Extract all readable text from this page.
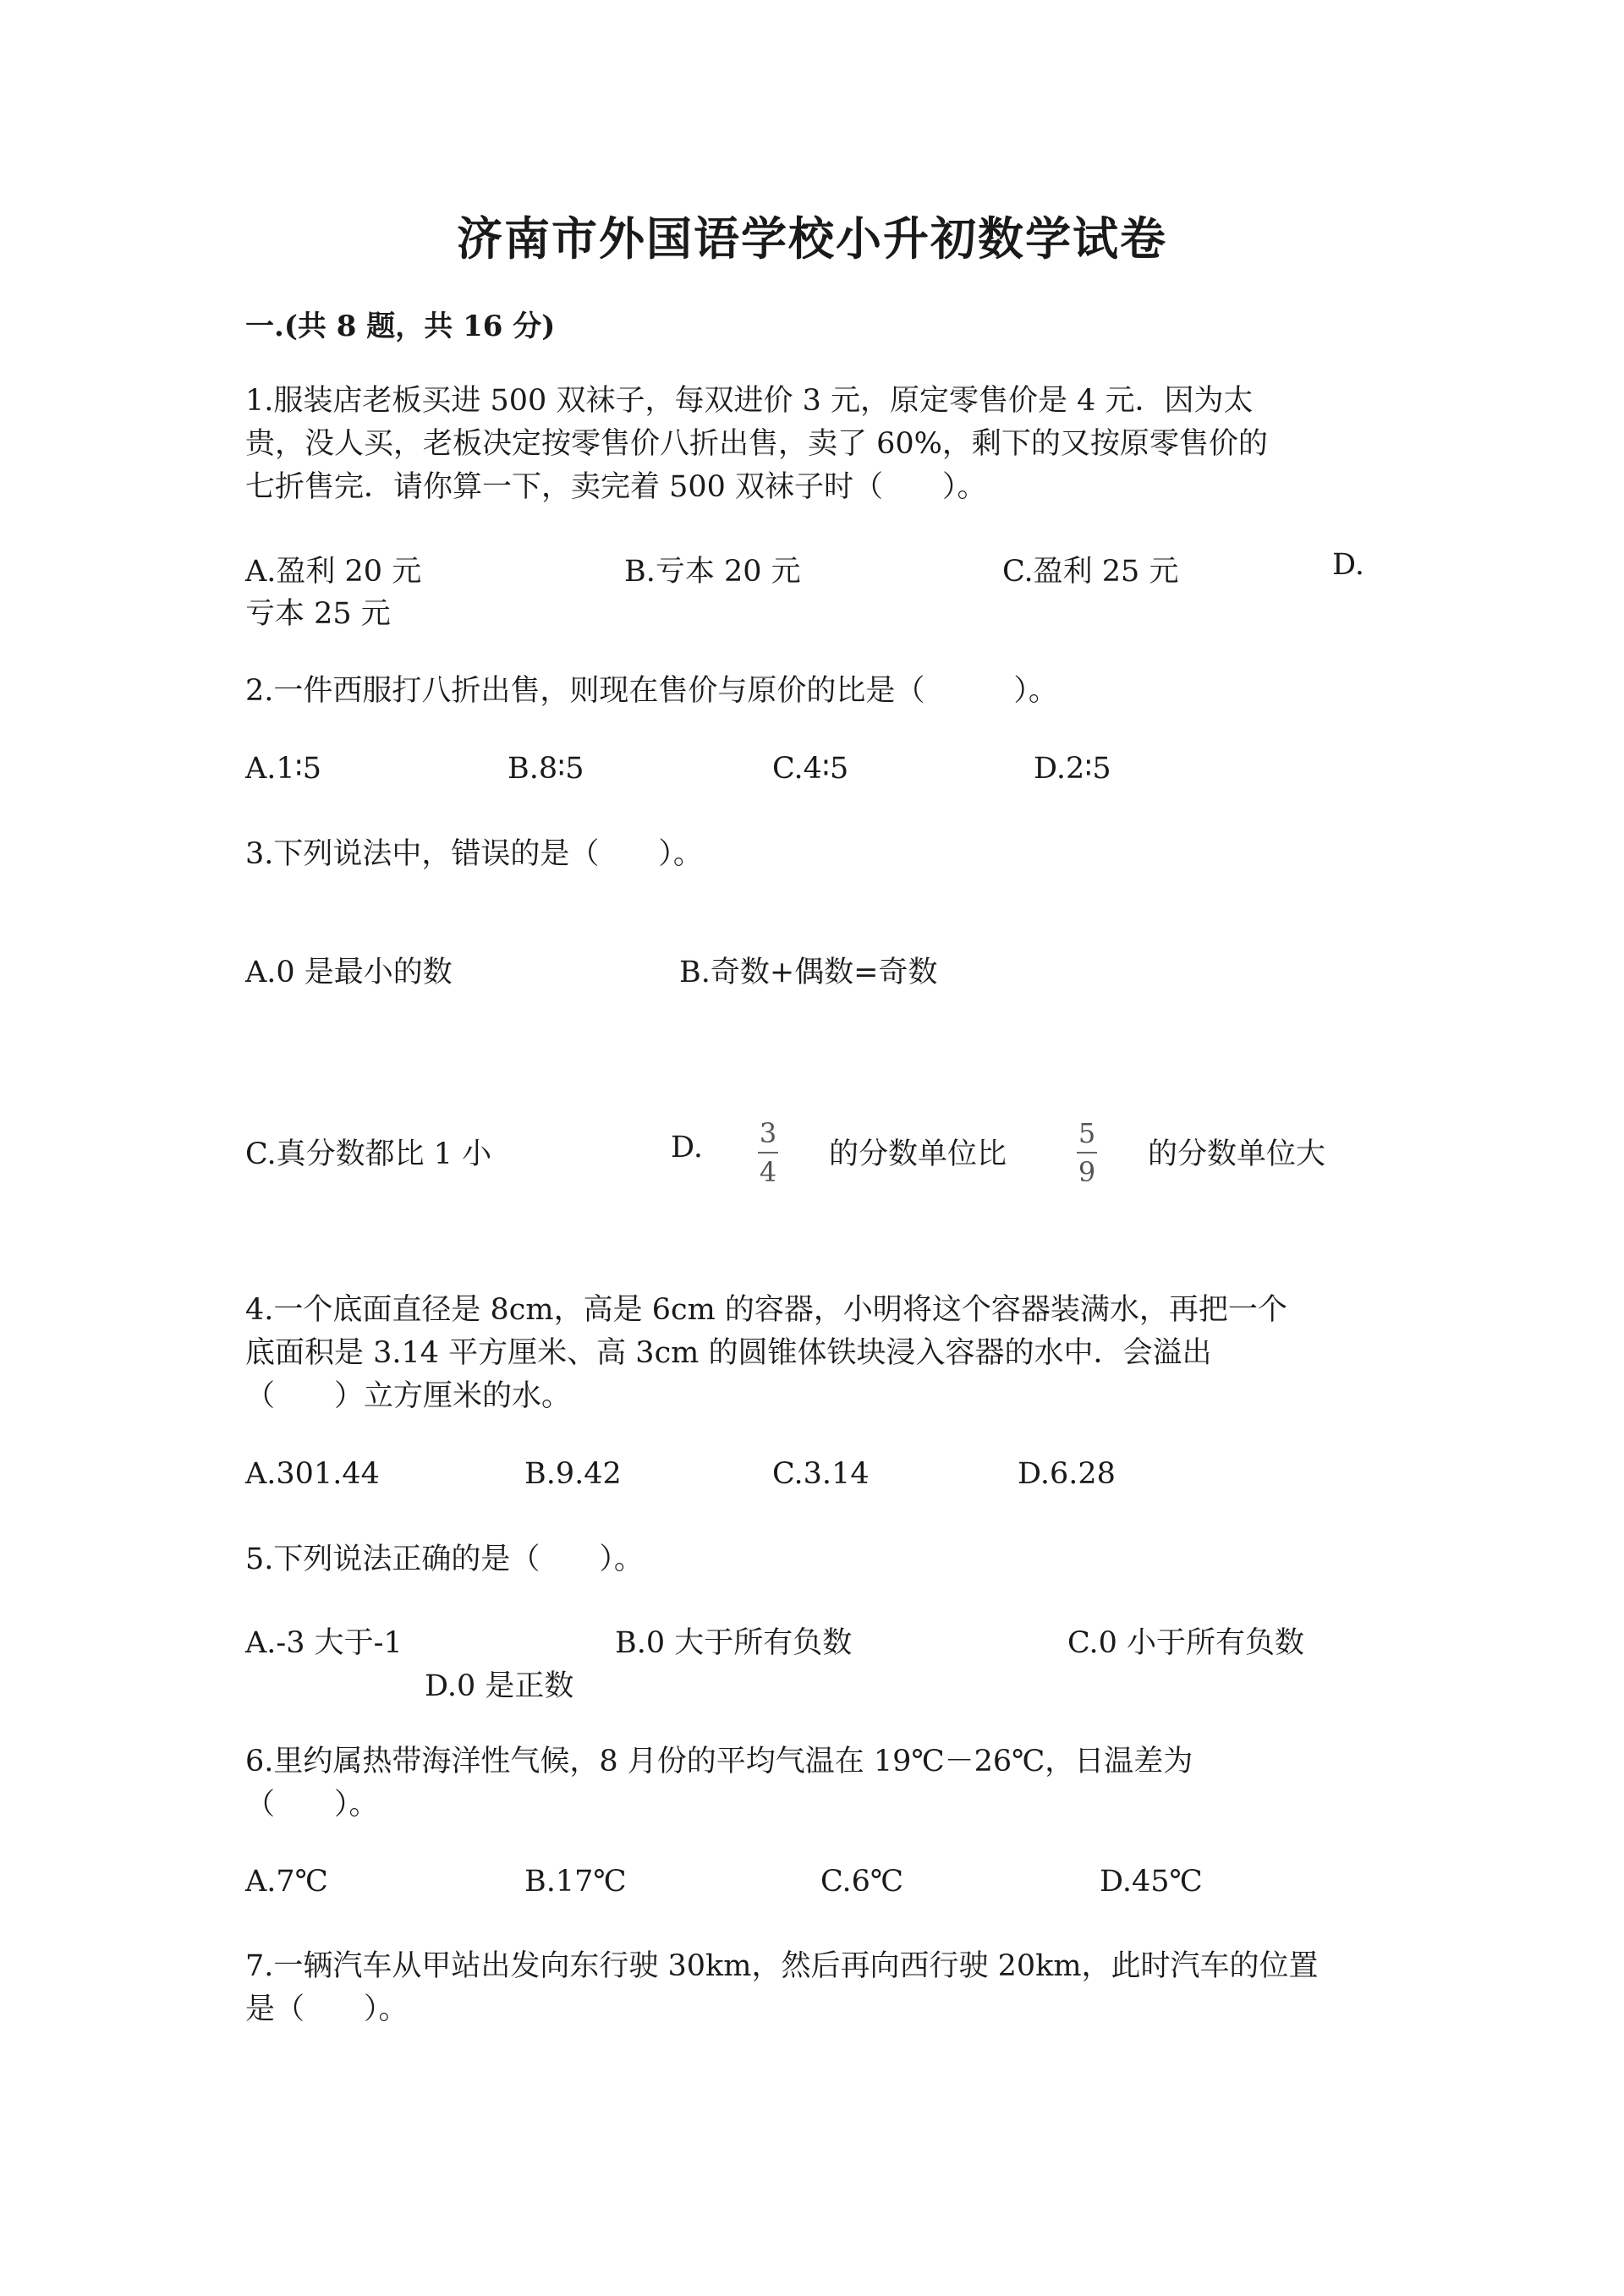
济南市外国语学校小升初数学试卷
一.(共 8 题，共 16 分)
1.服装店老板买进 500 双袜子，每双进价 3 元，原定零售价是 4 元．因为太
贵，没人买，老板决定按零售价八折出售，卖了 60%，剩下的又按原零售价的
七折售完．请你算一下，卖完着 500 双袜子时（　　）。
A.盈利 20 元	B.亏本 20 元	C.盈利 25 元	D.
亏本 25 元
2.一件西服打八折出售，则现在售价与原价的比是（　　　）。
A.1∶5	B.8∶5	C.4∶5	D.2∶5
3.下列说法中，错误的是（　　）。
A.0 是最小的数	B.奇数+偶数=奇数
C.真分数都比 1 小	D. 3
4
的分数单位比
5
9
的分数单位大
4.一个底面直径是 8cm，高是 6cm 的容器，小明将这个容器装满水，再把一个
底面积是 3.14 平方厘米、高 3cm 的圆锥体铁块浸入容器的水中．会溢出
（　　）立方厘米的水。
A.301.44	B.9.42	C.3.14	D.6.28
5.下列说法正确的是（　　）。
A.-3 大于-1	B.0 大于所有负数	C.0 小于所有负数
D.0 是正数
6.里约属热带海洋性气候，8 月份的平均气温在 19℃－26℃，日温差为
（　　）。
A.7℃	B.17℃	C.6℃	D.45℃
7.一辆汽车从甲站出发向东行驶 30km，然后再向西行驶 20km，此时汽车的位置
是（　　）。
